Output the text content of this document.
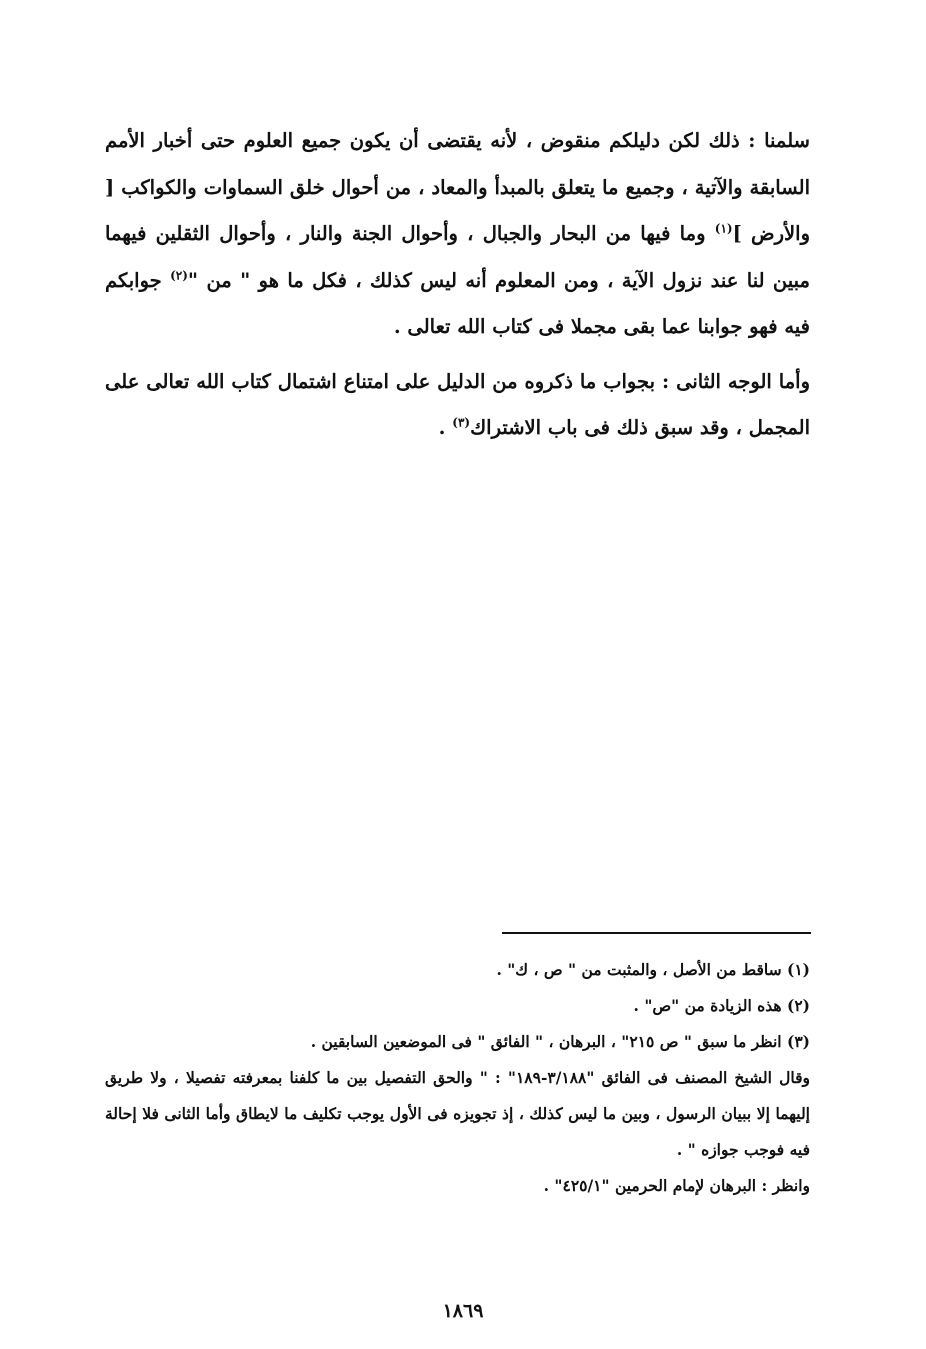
سلمنا : ذلك لكن دليلكم منقوض ، لأنه يقتضى أن يكون جميع العلوم حتى أخبار الأمم السابقة والآتية ، وجميع ما يتعلق بالمبدأ والمعاد ، من أحوال خلق السماوات والكواكب [ والأرض ]$^{(١)}$ وما فيها من البحار والجبال ، وأحوال الجنة والنار ، وأحوال الثقلين فيهما مبين لنا عند نزول الآية ، ومن المعلوم أنه ليس كذلك ، فكل ما هو " من "$^{(٢)}$ جوابكم فيه فهو جوابنا عما بقى مجملا فى كتاب الله تعالى .

وأما الوجه الثانى : بجواب ما ذكروه من الدليل على امتناع اشتمال كتاب الله تعالى على المجمل ، وقد سبق ذلك فى باب الاشتراك$^{(٣)}$ .

(١) ساقط من الأصل ، والمثبت من " ص ، ك" .

(٢) هذه الزيادة من "ص" .

(٣) انظر ما سبق " ص ٢١٥" ، البرهان ، " الفائق " فى الموضعين السابقين .

وقال الشيخ المصنف فى الفائق "٣/١٨٨-١٨٩" : " والحق التفصيل بين ما كلفنا بمعرفته تفصيلا ، ولا طريق إليهما إلا ببيان الرسول ، وبين ما ليس كذلك ، إذ تجويزه فى الأول يوجب تكليف ما لايطاق وأما الثانى فلا إحالة فيه فوجب جوازه " .

وانظر : البرهان لإمام الحرمين "٤٢٥/١" .

١٨٦٩
